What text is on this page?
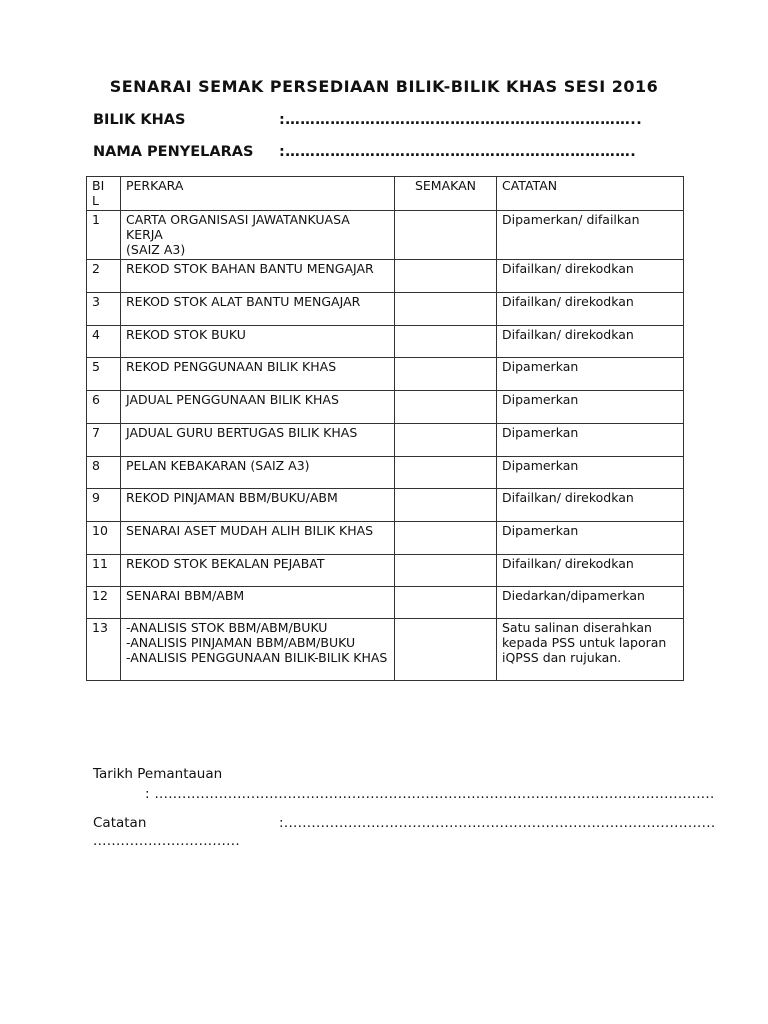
SENARAI SEMAK PERSEDIAAN BILIK-BILIK KHAS SESI 2016
BILIK KHAS	:……………………………………………………………..
NAMA PENYELARAS :…………………………………………………………….
BI L	PERKARA	SEMAKAN	CATATAN
1	CARTA ORGANISASI JAWATANKUASA KERJA
(SAIZ A3)		Dipamerkan/ difailkan
2	REKOD STOK BAHAN BANTU MENGAJAR		Difailkan/ direkodkan
3	REKOD STOK ALAT BANTU MENGAJAR		Difailkan/ direkodkan
4	REKOD STOK BUKU		Difailkan/ direkodkan
5	REKOD PENGGUNAAN BILIK KHAS		Dipamerkan
6	JADUAL PENGGUNAAN BILIK KHAS		Dipamerkan
7	JADUAL GURU BERTUGAS BILIK KHAS		Dipamerkan
8	PELAN KEBAKARAN (SAIZ A3)		Dipamerkan
9	REKOD PINJAMAN BBM/BUKU/ABM		Difailkan/ direkodkan
10	SENARAI ASET MUDAH ALIH BILIK KHAS		Dipamerkan
11	REKOD STOK BEKALAN PEJABAT		Difailkan/ direkodkan
12	SENARAI BBM/ABM		Diedarkan/dipamerkan
13	-ANALISIS STOK BBM/ABM/BUKU
-ANALISIS PINJAMAN BBM/ABM/BUKU
-ANALISIS PENGGUNAAN BILIK-BILIK KHAS		Satu salinan diserahkan kepada PSS untuk laporan iQPSS dan rujukan.
Tarikh Pemantauan
: ..........................................................................................................................
Catatan	:..............................................................................................
................................
